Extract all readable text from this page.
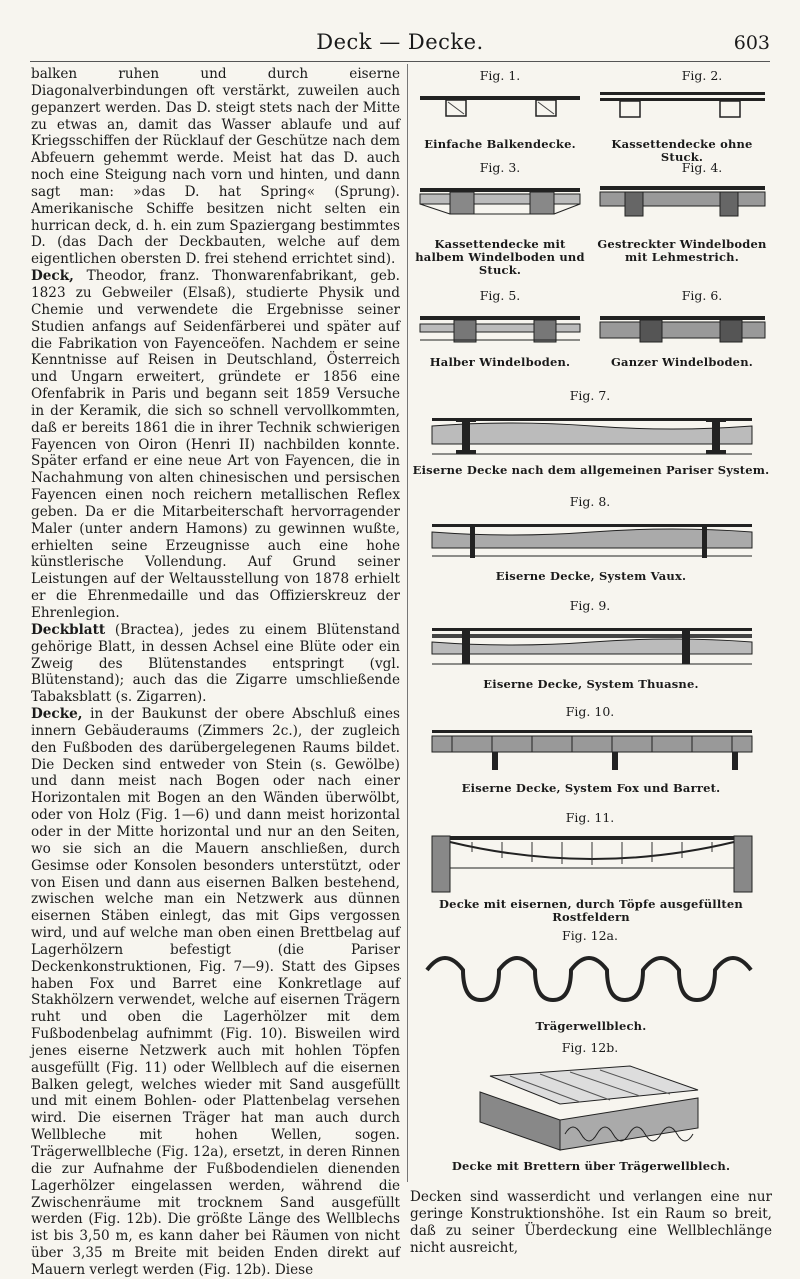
Deck — Decke.	603

balken ruhen und durch eiserne Diagonalverbindungen oft verstärkt, zuweilen auch gepanzert werden. Das D. steigt stets nach der Mitte zu etwas an, damit das Wasser ablaufe und auf Kriegsschiffen der Rücklauf der Geschütze nach dem Abfeuern gehemmt werde. Meist hat das D. auch noch eine Steigung nach vorn und hinten, und dann sagt man: »das D. hat Spring« (Sprung). Amerikanische Schiffe besitzen nicht selten ein hurrican deck, d. h. ein zum Spaziergang bestimmtes D. (das Dach der Deckbauten, welche auf dem eigentlichen obersten D. frei stehend errichtet sind).

Deck, Theodor, franz. Thonwarenfabrikant, geb. 1823 zu Gebweiler (Elsaß), studierte Physik und Chemie und verwendete die Ergebnisse seiner Studien anfangs auf Seidenfärberei und später auf die Fabrikation von Fayenceöfen. Nachdem er seine Kenntnisse auf Reisen in Deutschland, Österreich und Ungarn erweitert, gründete er 1856 eine Ofenfabrik in Paris und begann seit 1859 Versuche in der Keramik, die sich so schnell vervollkommten, daß er bereits 1861 die in ihrer Technik schwierigen Fayencen von Oiron (Henri II) nachbilden konnte. Später erfand er eine neue Art von Fayencen, die in Nachahmung von alten chinesischen und persischen Fayencen einen noch reichern metallischen Reflex geben. Da er die Mitarbeiterschaft hervorragender Maler (unter andern Hamons) zu gewinnen wußte, erhielten seine Erzeugnisse auch eine hohe künstlerische Vollendung. Auf Grund seiner Leistungen auf der Weltausstellung von 1878 erhielt er die Ehrenmedaille und das Offizierskreuz der Ehrenlegion.

Deckblatt (Bractea), jedes zu einem Blütenstand gehörige Blatt, in dessen Achsel eine Blüte oder ein Zweig des Blütenstandes entspringt (vgl. Blütenstand); auch das die Zigarre umschließende Tabaksblatt (s. Zigarren).

Decke, in der Baukunst der obere Abschluß eines innern Gebäuderaums (Zimmers 2c.), der zugleich den Fußboden des darübergelegenen Raums bildet. Die Decken sind entweder von Stein (s. Gewölbe) und dann meist nach Bogen oder nach einer Horizontalen mit Bogen an den Wänden überwölbt, oder von Holz (Fig. 1—6) und dann meist horizontal oder in der Mitte horizontal und nur an den Seiten, wo sie sich an die Mauern anschließen, durch Gesimse oder Konsolen besonders unterstützt, oder von Eisen und dann aus eisernen Balken bestehend, zwischen welche man ein Netzwerk aus dünnen eisernen Stäben einlegt, das mit Gips vergossen wird, und auf welche man oben einen Brettbelag auf Lagerhölzern befestigt (die Pariser Deckenkonstruktionen, Fig. 7—9). Statt des Gipses haben Fox und Barret eine Konkretlage auf Stakhölzern verwendet, welche auf eisernen Trägern ruht und oben die Lagerhölzer mit dem Fußbodenbelag aufnimmt (Fig. 10). Bisweilen wird jenes eiserne Netzwerk auch mit hohlen Töpfen ausgefüllt (Fig. 11) oder Wellblech auf die eisernen Balken gelegt, welches wieder mit Sand ausgefüllt und mit einem Bohlen- oder Plattenbelag versehen wird. Die eisernen Träger hat man auch durch Wellbleche mit hohen Wellen, sogen. Trägerwellbleche (Fig. 12a), ersetzt, in deren Rinnen die zur Aufnahme der Fußbodendielen dienenden Lagerhölzer eingelassen werden, während die Zwischenräume mit trocknem Sand ausgefüllt werden (Fig. 12b). Die größte Länge des Wellblechs ist bis 3,50 m, es kann daher bei Räumen von nicht über 3,35 m Breite mit beiden Enden direkt auf Mauern verlegt werden (Fig. 12b). Diese

Fig. 1.
Einfache Balkendecke.
Fig. 2.
Kassettendecke ohne Stuck.
Fig. 3.
Kassettendecke mit halbem Windelboden und Stuck.
Fig. 4.
Gestreckter Windelboden mit Lehmestrich.
Fig. 5.
Halber Windelboden.
Fig. 6.
Ganzer Windelboden.
Fig. 7.
Eiserne Decke nach dem allgemeinen Pariser System.
Fig. 8.
Eiserne Decke, System Vaux.
Fig. 9.
Eiserne Decke, System Thuasne.
Fig. 10.
Eiserne Decke, System Fox und Barret.
Fig. 11.
Decke mit eisernen, durch Töpfe ausgefüllten Rostfeldern
Fig. 12a.
Trägerwellblech.
Fig. 12b.
Decke mit Brettern über Trägerwellblech.
Decken sind wasserdicht und verlangen eine nur geringe Konstruktionshöhe. Ist ein Raum so breit, daß zu seiner Überdeckung eine Wellblechlänge nicht ausreicht,
